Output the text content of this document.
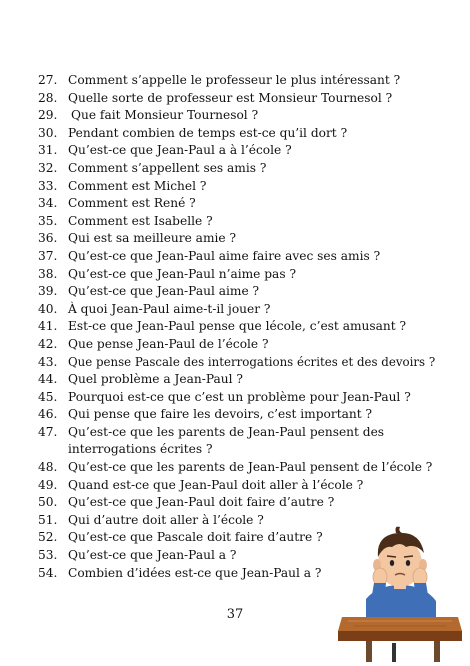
27. Comment s’appelle le professeur le plus intéressant ?
28. Quelle sorte de professeur est Monsieur Tournesol ?
29.	Que fait Monsieur Tournesol ?
30. Pendant combien de temps est-ce qu’il dort ?
31. Qu’est-ce que Jean-Paul a à l’école ?
32. Comment s’appellent ses amis ?
33. Comment est Michel ?
34. Comment est René ?
35. Comment est Isabelle ?
36. Qui est sa meilleure amie ?
37. Qu’est-ce que Jean-Paul aime faire avec ses amis ?
38. Qu’est-ce que Jean-Paul n’aime pas ?
39. Qu’est-ce que Jean-Paul aime ?
40. À quoi Jean-Paul aime-t-il jouer ?
41. Est-ce que Jean-Paul pense que lécole, c’est amusant ?
42. Que pense Jean-Paul de l’école ?
43. Que pense Pascale des interrogations écrites et des devoirs ?
44. Quel problème a Jean-Paul ?
45. Pourquoi est-ce que c’est un problème pour Jean-Paul ?
46. Qui pense que faire les devoirs, c’est important ?
47. Qu’est-ce que les parents de Jean-Paul pensent des interrogations écrites ?
48. Qu’est-ce que les parents de Jean-Paul pensent de l’école ?
49. Quand est-ce que Jean-Paul doit aller à l’école ?
50. Qu’est-ce que Jean-Paul doit faire d’autre ?
51. Qui d’autre doit aller à l’école ?
52. Qu’est-ce que Pascale doit faire d’autre ?
53. Qu’est-ce que Jean-Paul a ?
54. Combien d’idées est-ce que Jean-Paul a ?
37
